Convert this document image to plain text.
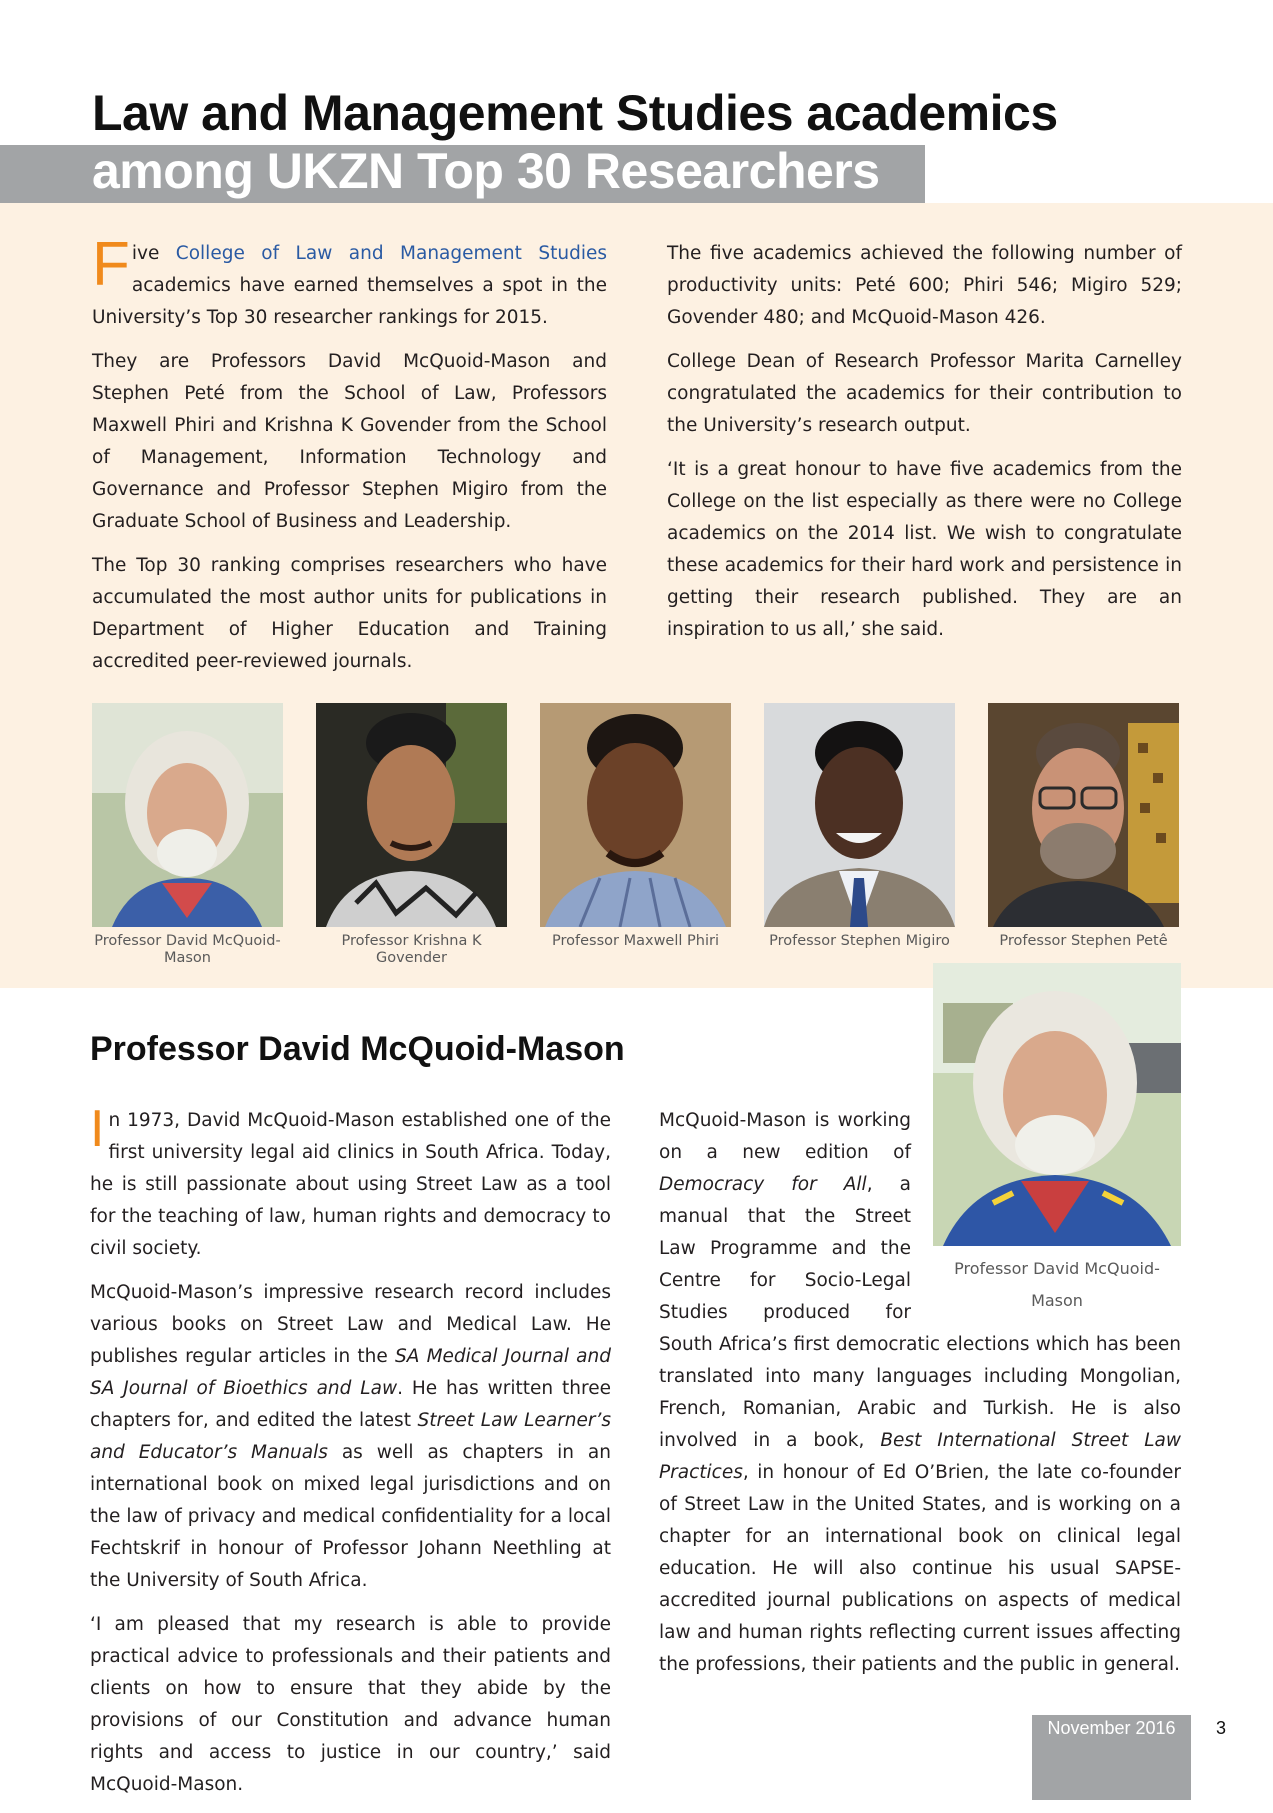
Law and Management Studies academics
among UKZN Top 30 Researchers

Five College of Law and Management Studies academics have earned themselves a spot in the University’s Top 30 researcher rankings for 2015.

They are Professors David McQuoid-Mason and Stephen Peté from the School of Law, Professors Maxwell Phiri and Krishna K Govender from the School of Management, Information Technology and Governance and Professor Stephen Migiro from the Graduate School of Business and Leadership.

The Top 30 ranking comprises researchers who have accumulated the most author units for publications in Department of Higher Education and Training accredited peer-reviewed journals.

The five academics achieved the following number of productivity units: Peté 600; Phiri 546; Migiro 529; Govender 480; and McQuoid-Mason 426.

College Dean of Research Professor Marita Carnelley congratulated the academics for their contribution to the University’s research output.

‘It is a great honour to have five academics from the College on the list especially as there were no College academics on the 2014 list. We wish to congratulate these academics for their hard work and persistence in getting their research published. They are an inspiration to us all,’ she said.

Professor David McQuoid-Mason
Professor Krishna K Govender
Professor Maxwell Phiri	Professor Stephen Migiro	Professor Stephen Petê
Professor David McQuoid-Mason

In 1973, David McQuoid-Mason established one of the first university legal aid clinics in South Africa. Today, he is still passionate about using Street Law as a tool for the teaching of law, human rights and democracy to civil society.

McQuoid-Mason’s impressive research record includes various books on Street Law and Medical Law. He publishes regular articles in the SA Medical Journal and SA Journal of Bioethics and Law. He has written three chapters for, and edited the latest Street Law Learner’s and Educator’s Manuals as well as chapters in an international book on mixed legal jurisdictions and on the law of privacy and medical confidentiality for a local Fechtskrif in honour of Professor Johann Neethling at the University of South Africa.

‘I am pleased that my research is able to provide practical advice to professionals and their patients and clients on how to ensure that they abide by the provisions of our Constitution and advance human rights and access to justice in our country,’ said McQuoid-Mason.

Professor David McQuoid-Mason

McQuoid-Mason is working on a new edition of Democracy for All, a manual that the Street Law Programme and the Centre for Socio-Legal Studies produced for South Africa’s first democratic elections which has been translated into many languages including Mongolian, French, Romanian, Arabic and Turkish. He is also involved in a book, Best International Street Law Practices, in honour of Ed O’Brien, the late co-founder of Street Law in the United States, and is working on a chapter for an international book on clinical legal education. He will also continue his usual SAPSE-accredited journal publications on aspects of medical law and human rights reflecting current issues affecting the professions, their patients and the public in general.

November 2016	3
